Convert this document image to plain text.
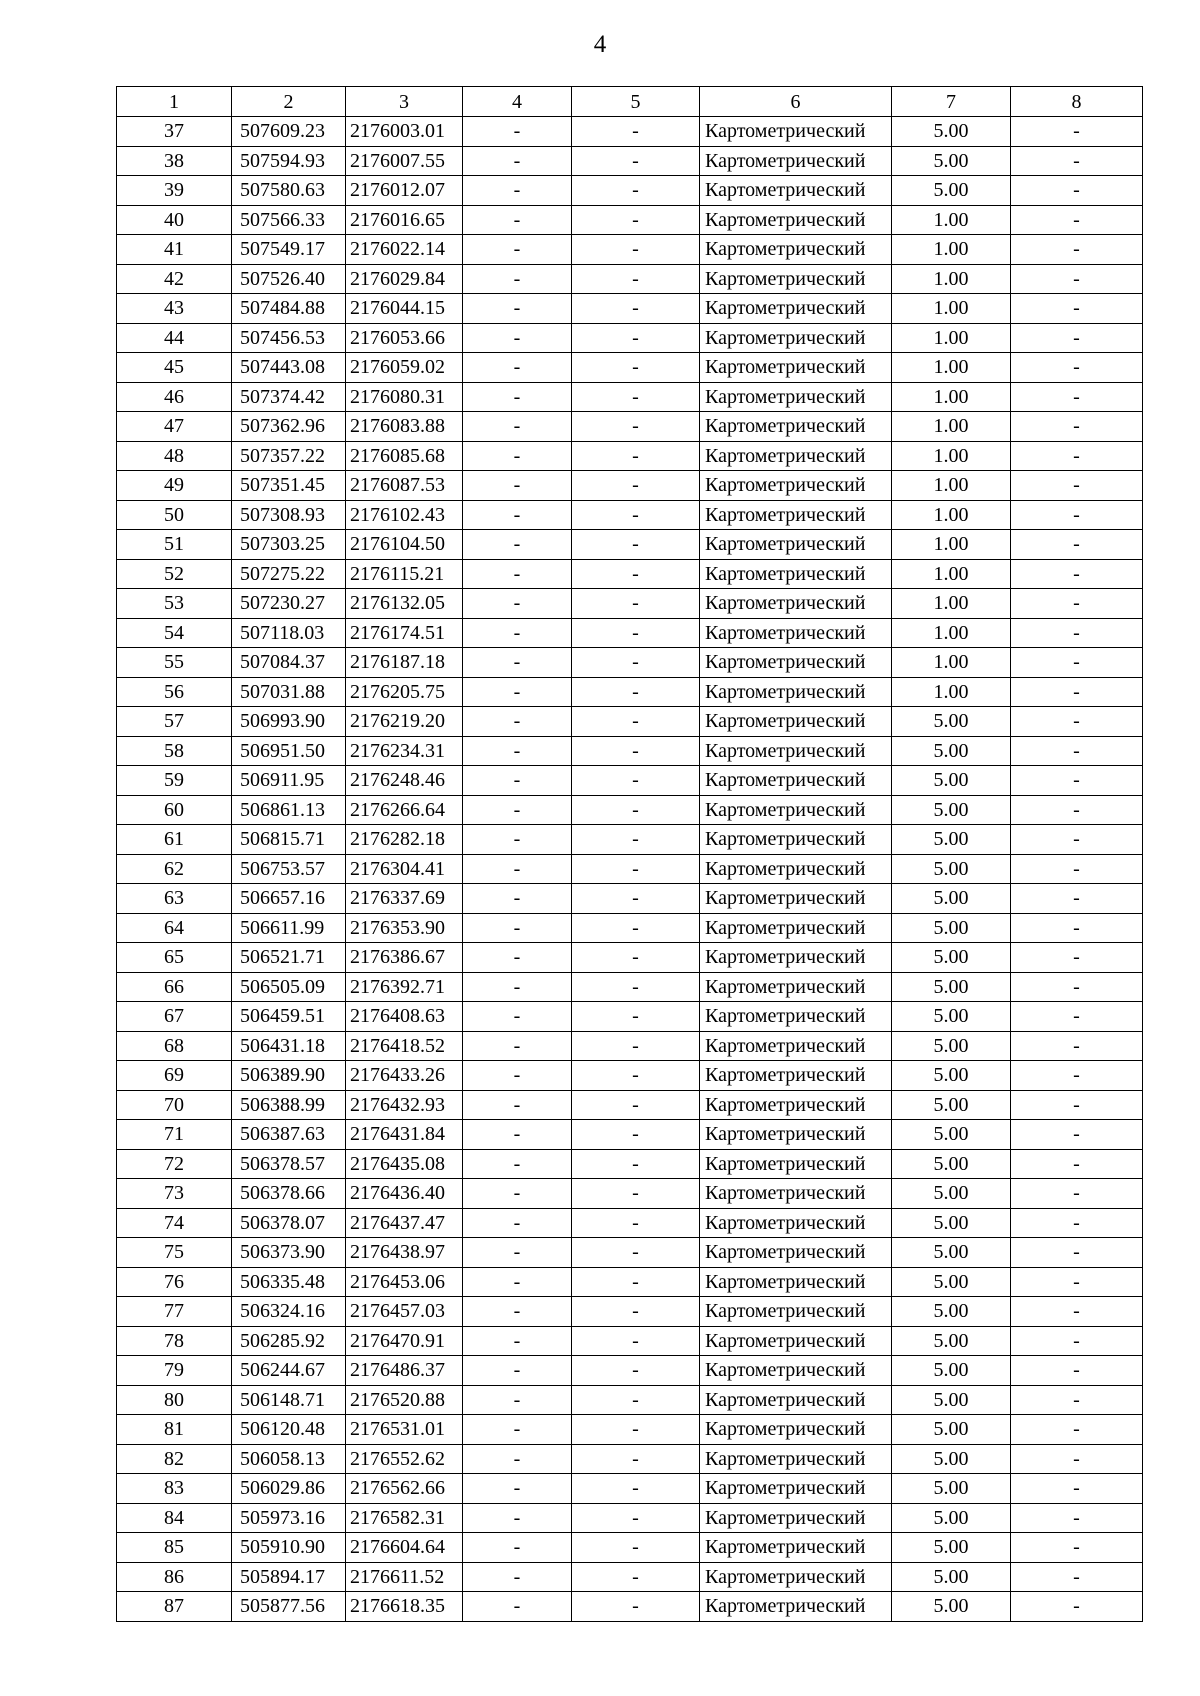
4
1	2	3	4	5	6	7	8
37	507609.23	2176003.01	-	-	Картометрический	5.00	-
38	507594.93	2176007.55	-	-	Картометрический	5.00	-
39	507580.63	2176012.07	-	-	Картометрический	5.00	-
40	507566.33	2176016.65	-	-	Картометрический	1.00	-
41	507549.17	2176022.14	-	-	Картометрический	1.00	-
42	507526.40	2176029.84	-	-	Картометрический	1.00	-
43	507484.88	2176044.15	-	-	Картометрический	1.00	-
44	507456.53	2176053.66	-	-	Картометрический	1.00	-
45	507443.08	2176059.02	-	-	Картометрический	1.00	-
46	507374.42	2176080.31	-	-	Картометрический	1.00	-
47	507362.96	2176083.88	-	-	Картометрический	1.00	-
48	507357.22	2176085.68	-	-	Картометрический	1.00	-
49	507351.45	2176087.53	-	-	Картометрический	1.00	-
50	507308.93	2176102.43	-	-	Картометрический	1.00	-
51	507303.25	2176104.50	-	-	Картометрический	1.00	-
52	507275.22	2176115.21	-	-	Картометрический	1.00	-
53	507230.27	2176132.05	-	-	Картометрический	1.00	-
54	507118.03	2176174.51	-	-	Картометрический	1.00	-
55	507084.37	2176187.18	-	-	Картометрический	1.00	-
56	507031.88	2176205.75	-	-	Картометрический	1.00	-
57	506993.90	2176219.20	-	-	Картометрический	5.00	-
58	506951.50	2176234.31	-	-	Картометрический	5.00	-
59	506911.95	2176248.46	-	-	Картометрический	5.00	-
60	506861.13	2176266.64	-	-	Картометрический	5.00	-
61	506815.71	2176282.18	-	-	Картометрический	5.00	-
62	506753.57	2176304.41	-	-	Картометрический	5.00	-
63	506657.16	2176337.69	-	-	Картометрический	5.00	-
64	506611.99	2176353.90	-	-	Картометрический	5.00	-
65	506521.71	2176386.67	-	-	Картометрический	5.00	-
66	506505.09	2176392.71	-	-	Картометрический	5.00	-
67	506459.51	2176408.63	-	-	Картометрический	5.00	-
68	506431.18	2176418.52	-	-	Картометрический	5.00	-
69	506389.90	2176433.26	-	-	Картометрический	5.00	-
70	506388.99	2176432.93	-	-	Картометрический	5.00	-
71	506387.63	2176431.84	-	-	Картометрический	5.00	-
72	506378.57	2176435.08	-	-	Картометрический	5.00	-
73	506378.66	2176436.40	-	-	Картометрический	5.00	-
74	506378.07	2176437.47	-	-	Картометрический	5.00	-
75	506373.90	2176438.97	-	-	Картометрический	5.00	-
76	506335.48	2176453.06	-	-	Картометрический	5.00	-
77	506324.16	2176457.03	-	-	Картометрический	5.00	-
78	506285.92	2176470.91	-	-	Картометрический	5.00	-
79	506244.67	2176486.37	-	-	Картометрический	5.00	-
80	506148.71	2176520.88	-	-	Картометрический	5.00	-
81	506120.48	2176531.01	-	-	Картометрический	5.00	-
82	506058.13	2176552.62	-	-	Картометрический	5.00	-
83	506029.86	2176562.66	-	-	Картометрический	5.00	-
84	505973.16	2176582.31	-	-	Картометрический	5.00	-
85	505910.90	2176604.64	-	-	Картометрический	5.00	-
86	505894.17	2176611.52	-	-	Картометрический	5.00	-
87	505877.56	2176618.35	-	-	Картометрический	5.00	-
